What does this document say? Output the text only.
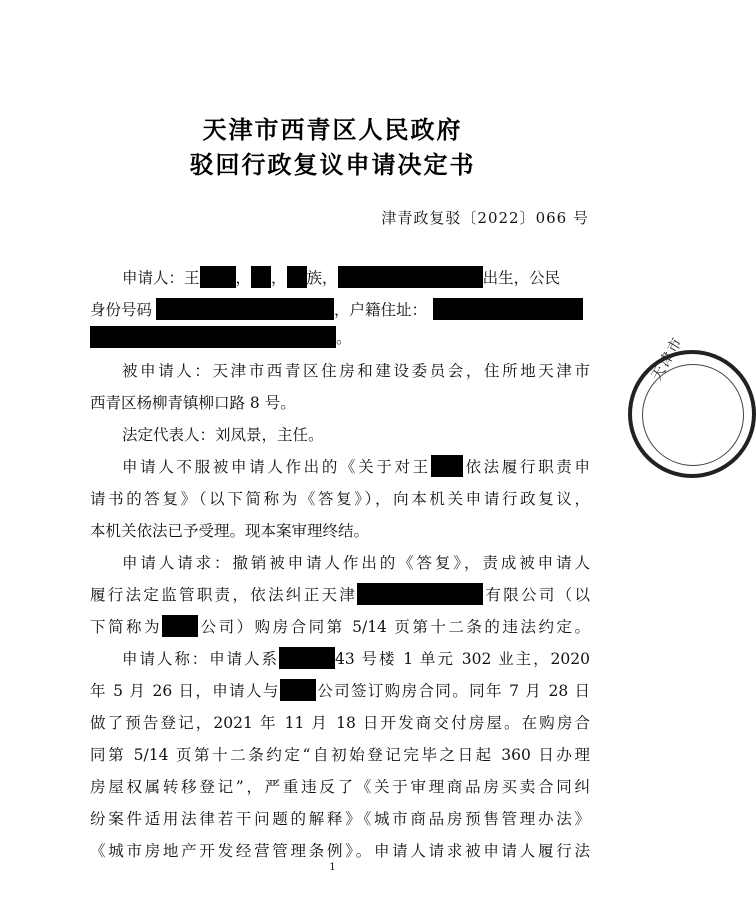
天津市西青区人民政府
驳回行政复议申请决定书
津青政复驳〔2022〕066 号
申请人：王 ， ， 族，	出生，公民
身份号码	，户籍住址：
。
被申请人：天津市西青区住房和建设委员会，住所地天津市
西青区杨柳青镇柳口路 8 号。
法定代表人：刘凤景，主任。
申请人不服被申请人作出的《关于对王 依法履行职责申
请书的答复》（以下简称为《答复》），向本机关申请行政复议，
本机关依法已予受理。现本案审理终结。
申请人请求：撤销被申请人作出的《答复》，责成被申请人
履行法定监管职责，依法纠正天津	有限公司（以
下简称为 公司）购房合同第 5/14 页第十二条的违法约定。
申请人称：申请人系	43 号楼 1 单元 302 业主，2020
年 5 月 26 日，申请人与 公司签订购房合同。同年 7 月 28 日
做了预告登记，2021 年 11 月 18 日开发商交付房屋。在购房合
同第 5/14 页第十二条约定“自初始登记完毕之日起 360 日办理
房屋权属转移登记”，严重违反了《关于审理商品房买卖合同纠
纷案件适用法律若干问题的解释》《城市商品房预售管理办法》
《城市房地产开发经营管理条例》。申请人请求被申请人履行法
1
天津市
